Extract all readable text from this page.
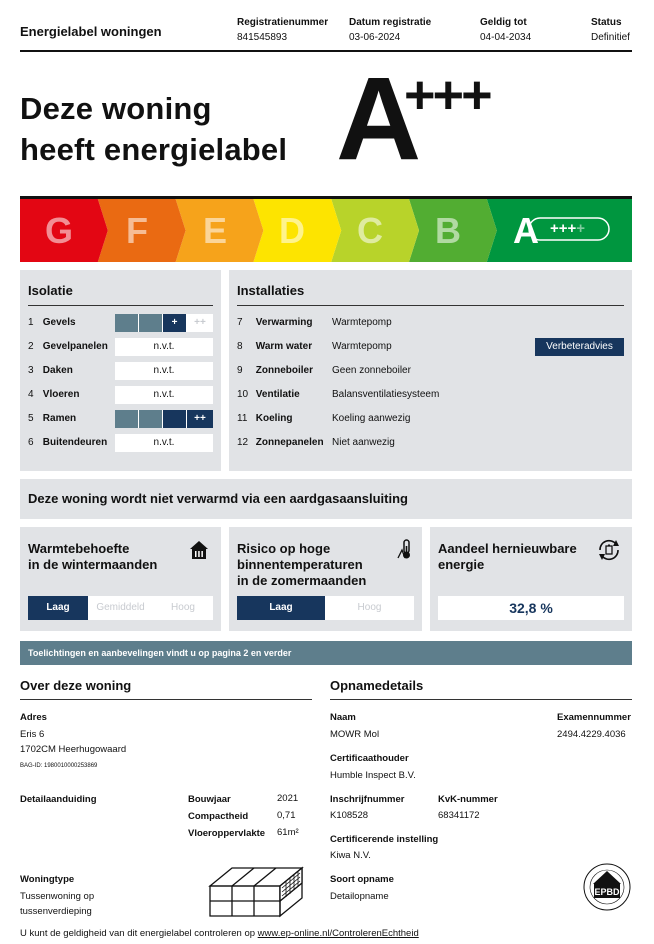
Energielabel woningen
Registratienummer
841545893
Datum registratie
03-06-2024
Geldig tot
04-04-2034
Status
Definitief
Deze woning
heeft energielabel A
+++
G F E D C B A ++++
Isolatie	Installaties
1 Gevels	+	++
2 Gevelpanelen	n.v.t.
3 Daken	n.v.t.
4 Vloeren	n.v.t.
5 Ramen	++
6 Buitendeuren	n.v.t.
7 Verwarming Warmtepomp
8 Warm water Warmtepomp	Verbeteradvies
9 Zonneboiler Geen zonneboiler
10 Ventilatie	Balansventilatiesysteem
11 Koeling	Koeling aanwezig
12 Zonnepanelen Niet aanwezig
Deze woning wordt niet verwarmd via een aardgasaansluiting
Warmtebehoefte
in de wintermaanden
Laag	Gemiddeld	Hoog
Risico op hoge
binnentemperaturen
in de zomermaanden
Laag	Hoog
Aandeel hernieuwbare
energie
32,8 %
Toelichtingen en aanbevelingen vindt u op pagina 2 en verder
Over deze woning
Adres
Eris 6
1702CM Heerhugowaard
BAG-ID: 1980010000253869
Detailaanduiding	Bouwjaar	2021
Compactheid	0,71
Vloeroppervlakte 61m²
Woningtype
Tussenwoning op
tussenverdieping
Opnamedetails
Naam
MOWR Mol
Examennummer
2494.4229.4036
Certificaathouder
Humble Inspect B.V.
Inschrijfnummer
K108528
KvK-nummer
68341172
Certificerende instelling
Kiwa N.V.
Soort opname
Detailopname	EPBD
U kunt de geldigheid van dit energielabel controleren op www.ep-online.nl/ControlerenEchtheid
